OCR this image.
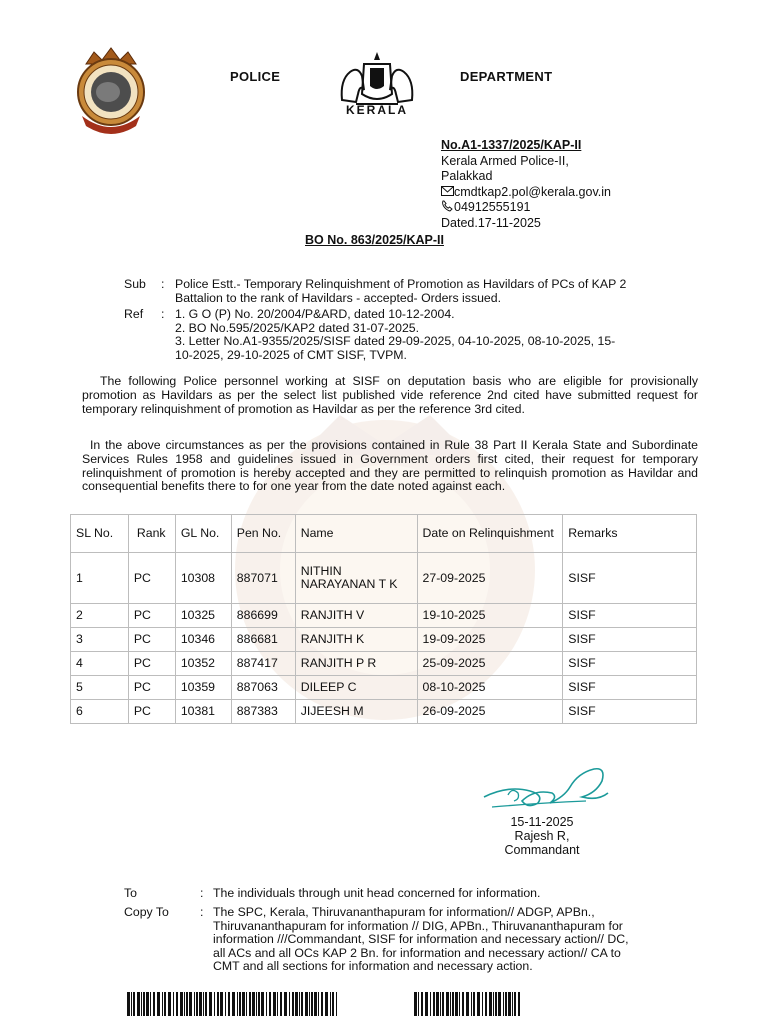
POLICE
KERALA
DEPARTMENT
No.A1-1337/2025/KAP-II
Kerala Armed Police-II,
Palakkad
cmdtkap2.pol@kerala.gov.in
04912555191
Dated.17-11-2025
BO No. 863/2025/KAP-II
Sub : Police Estt.- Temporary Relinquishment of Promotion as Havildars of PCs of KAP 2
Battalion to the rank of Havildars - accepted- Orders issued.
Ref : 1. G O (P) No. 20/2004/P&ARD, dated 10-12-2004.
2. BO No.595/2025/KAP2 dated 31-07-2025.
3. Letter No.A1-9355/2025/SISF dated 29-09-2025, 04-10-2025, 08-10-2025, 15-
10-2025, 29-10-2025 of CMT SISF, TVPM.
The following Police personnel working at SISF on deputation basis who are eligible for provisionally promotion as Havildars as per the select list published vide reference 2nd cited have submitted request for temporary relinquishment of promotion as Havildar as per the reference 3rd cited.
In the above circumstances as per the provisions contained in Rule 38 Part II Kerala State and Subordinate Services Rules 1958 and guidelines issued in Government orders first cited, their request for temporary relinquishment of promotion is hereby accepted and they are permitted to relinquish promotion as Havildar and consequential benefits there to for one year from the date noted against each.
SL No.	Rank	GL No.	Pen No.	Name	Date on Relinquishment	Remarks
1	PC	10308	887071	NITHIN NARAYANAN T K	27-09-2025	SISF
2	PC	10325	886699	RANJITH V	19-10-2025	SISF
3	PC	10346	886681	RANJITH K	19-09-2025	SISF
4	PC	10352	887417	RANJITH P R	25-09-2025	SISF
5	PC	10359	887063	DILEEP C	08-10-2025	SISF
6	PC	10381	887383	JIJEESH M	26-09-2025	SISF
15-11-2025
Rajesh R,
Commandant
To	: The individuals through unit head concerned for information.
Copy To	: The SPC, Kerala, Thiruvananthapuram for information// ADGP, APBn.,
Thiruvananthapuram for information // DIG, APBn., Thiruvananthapuram for
information ///Commandant, SISF for information and necessary action// DC,
all ACs and all OCs KAP 2 Bn. for information and necessary action// CA to
CMT and all sections for information and necessary action.
